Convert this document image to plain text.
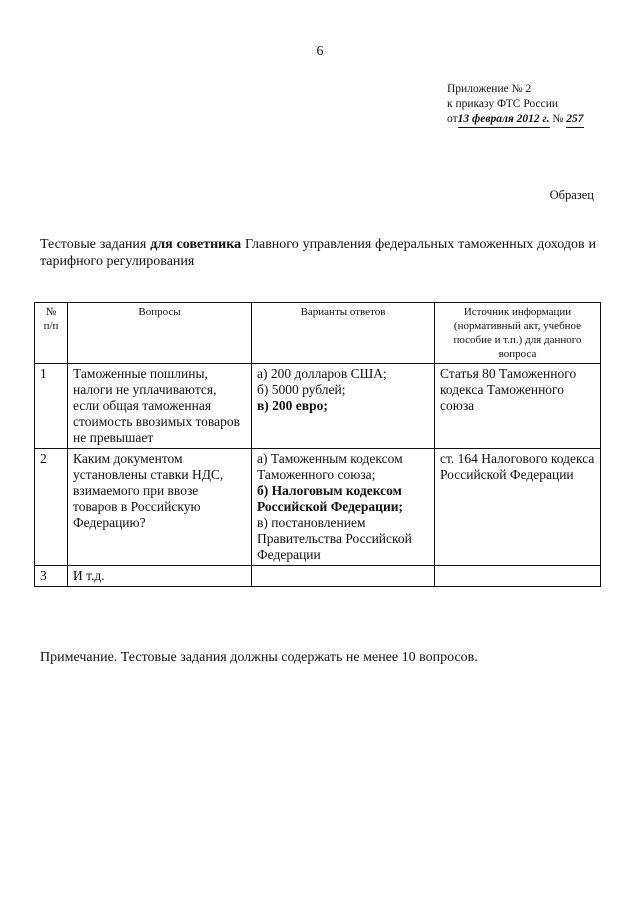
6
Приложение № 2
к приказу ФТС России
от13 февраля 2012 г. № 257
Образец
Тестовые задания для советника Главного управления федеральных таможенных доходов и тарифного регулирования
№ п/п	Вопросы	Варианты ответов	Источник информации (нормативный акт, учебное пособие и т.п.) для данного вопроса
1	Таможенные пошлины, налоги не уплачиваются, если общая таможенная стоимость ввозимых товаров не превышает	а) 200 долларов США;
б) 5000 рублей;
в) 200 евро;	Статья 80 Таможенного кодекса Таможенного союза
2	Каким документом установлены ставки НДС, взимаемого при ввозе товаров в Российскую Федерацию?	а) Таможенным кодексом Таможенного союза;
б) Налоговым кодексом Российской Федерации;
в) постановлением Правительства Российской Федерации	ст. 164 Налогового кодекса Российской Федерации
3	И т.д.		
Примечание. Тестовые задания должны содержать не менее 10 вопросов.
